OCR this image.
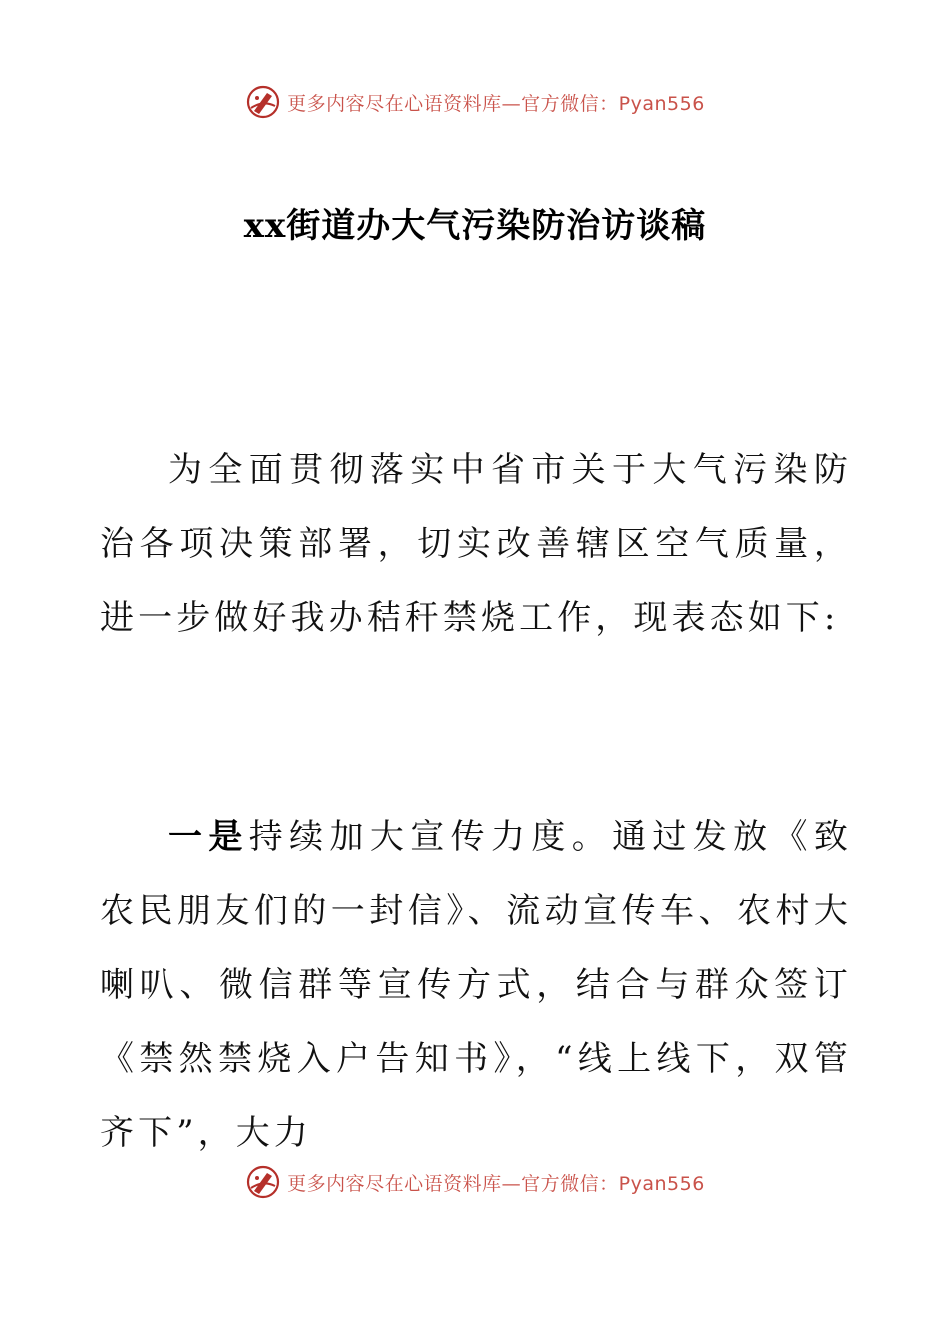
更多内容尽在心语资料库—官方微信：Pyan556
xx街道办大气污染防治访谈稿

为全面贯彻落实中省市关于大气污染防治各项决策部署，切实改善辖区空气质量，进一步做好我办秸秆禁烧工作，现表态如下:

一是持续加大宣传力度。通过发放《致农民朋友们的一封信》、流动宣传车、农村大喇叭、微信群等宣传方式，结合与群众签订《禁然禁烧入户告知书》，“线上线下，双管齐下”，大力

更多内容尽在心语资料库—官方微信：Pyan556
